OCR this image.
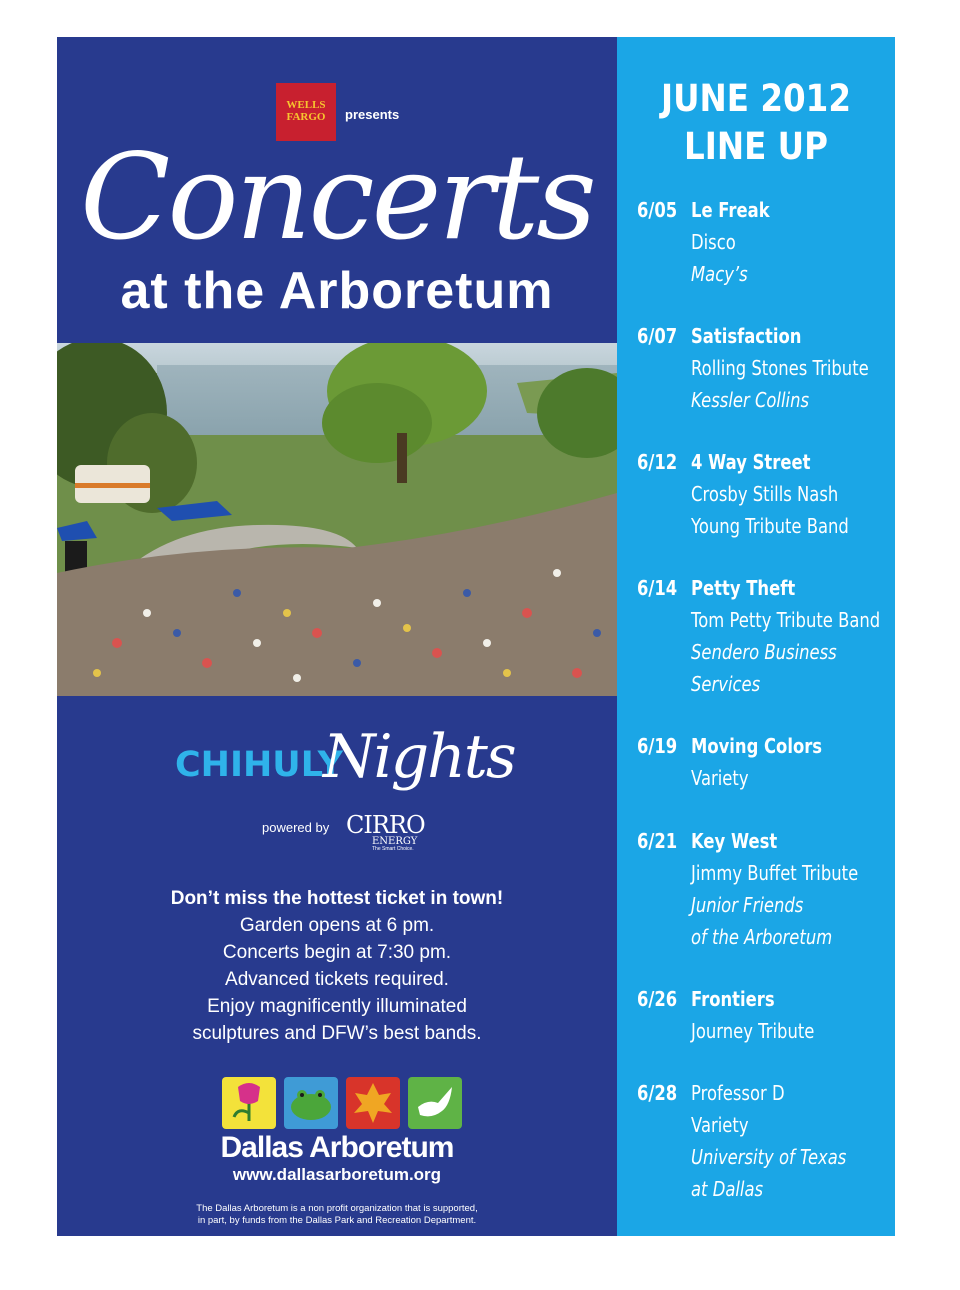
WELLS FARGO	presents
Concerts
at the Arboretum
CHIHULY
Nights
powered by CIRRO
ENERGY
The Smart Choice.
Don’t miss the hottest ticket in town!
Garden opens at 6 pm.
Concerts begin at 7:30 pm.
Advanced tickets required.
Enjoy magnificently illuminated
sculptures and DFW’s best bands.
Dallas Arboretum
www.dallasarboretum.org
The Dallas Arboretum is a non profit organization that is supported,
in part, by funds from the Dallas Park and Recreation Department.
JUNE 2012
LINE UP
6/05 Le Freak
Disco
Macy’s
6/07 Satisfaction
Rolling Stones Tribute
Kessler Collins
6/12 4 Way Street
Crosby Stills Nash
Young Tribute Band
6/14 Petty Theft
Tom Petty Tribute Band
Sendero Business
Services
6/19 Moving Colors
Variety
6/21 Key West
Jimmy Buffet Tribute
Junior Friends
of the Arboretum
6/26 Frontiers
Journey Tribute
6/28 Professor D
Variety
University of Texas
at Dallas
